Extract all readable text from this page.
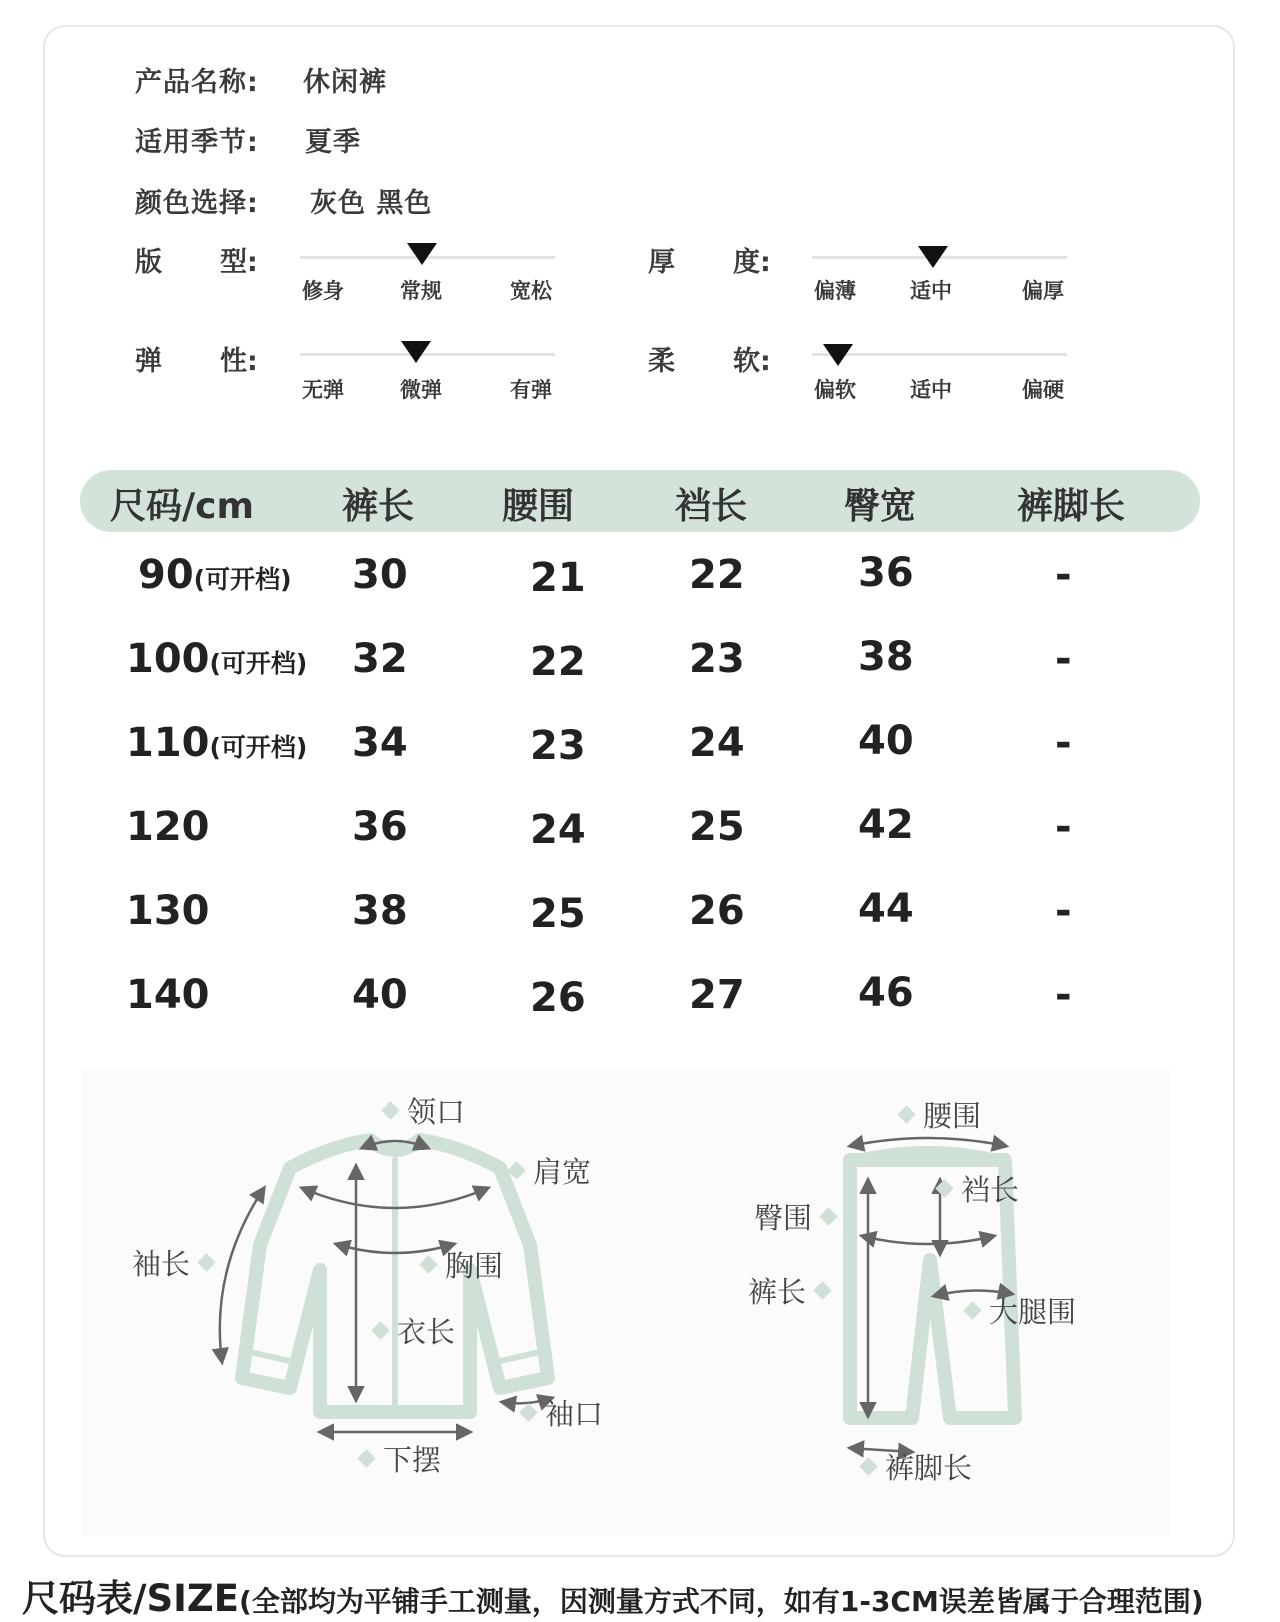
产品名称: 休闲裤
适用季节: 夏季
颜色选择: 灰色 黑色
版 型:
修身	常规	宽松
厚 度:
偏薄	适中	偏厚
弹 性:
无弹	微弹	有弹
柔 软:
偏软	适中	偏硬
尺码/cm 裤长 腰围	裆长	臀宽	裤脚长
90(可开档) 30	21	22	36	-
100(可开档) 32	22	23	38	-
110(可开档) 34	23	24	40	-
120	36	24	25	42	-
130	38	25	26	44	-
140	40	26	27	46	-
领口
肩宽
袖长	胸围
衣长
袖口
下摆
腰围
裆长
臀围
裤长
大腿围
裤脚长
尺码表/SIZE(全部均为平铺手工测量，因测量方式不同，如有1-3CM误差皆属于合理范围)
